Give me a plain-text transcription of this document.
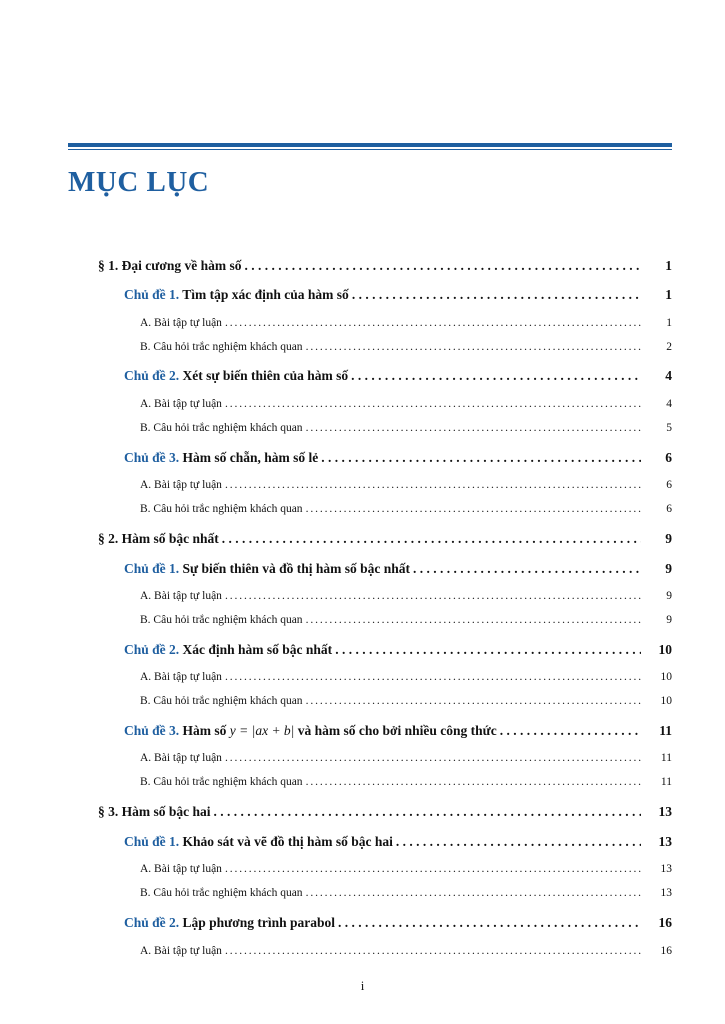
MỤC LỤC
§ 1. Đại cương về hàm số . . .	1
Chủ đề 1. Tìm tập xác định của hàm số . . .	1
A. Bài tập tự luận . . .	1
B. Câu hỏi trắc nghiệm khách quan . . .	2
Chủ đề 2. Xét sự biến thiên của hàm số . . .	4
A. Bài tập tự luận . . .	4
B. Câu hỏi trắc nghiệm khách quan . . .	5
Chủ đề 3. Hàm số chẵn, hàm số lẻ . . .	6
A. Bài tập tự luận . . .	6
B. Câu hỏi trắc nghiệm khách quan . . .	6
§ 2. Hàm số bậc nhất . . .	9
Chủ đề 1. Sự biến thiên và đồ thị hàm số bậc nhất . . .	9
A. Bài tập tự luận . . .	9
B. Câu hỏi trắc nghiệm khách quan . . .	9
Chủ đề 2. Xác định hàm số bậc nhất . . .	10
A. Bài tập tự luận . . .	10
B. Câu hỏi trắc nghiệm khách quan . . .	10
Chủ đề 3. Hàm số y = |ax + b| và hàm số cho bởi nhiều công thức . . .	11
A. Bài tập tự luận . . .	11
B. Câu hỏi trắc nghiệm khách quan . . .	11
§ 3. Hàm số bậc hai . . .	13
Chủ đề 1. Khảo sát và vẽ đồ thị hàm số bậc hai . . .	13
A. Bài tập tự luận . . .	13
B. Câu hỏi trắc nghiệm khách quan . . .	13
Chủ đề 2. Lập phương trình parabol . . .	16
A. Bài tập tự luận . . .	16
i
